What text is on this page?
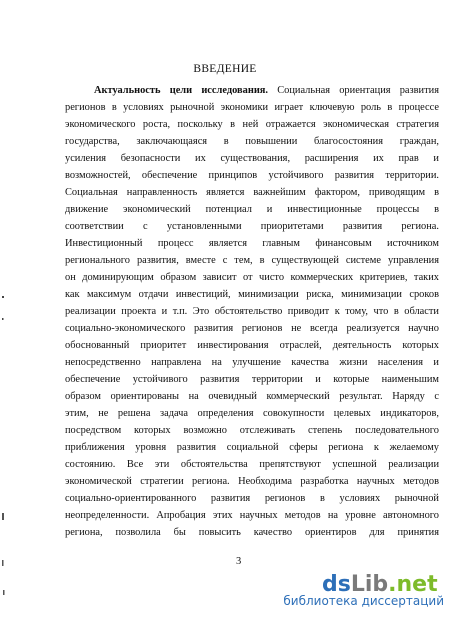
ВВЕДЕНИЕ
Актуальность цели исследования. Социальная ориентация развития
регионов в условиях рыночной экономики играет ключевую роль в процессе
экономического роста, поскольку в ней отражается экономическая стратегия
государства, заключающаяся в повышении благосостояния граждан,
усиления безопасности их существования, расширения их прав и
возможностей, обеспечение принципов устойчивого развития территории.
Социальная направленность является важнейшим фактором, приводящим в
движение экономический потенциал и инвестиционные процессы в
соответствии с установленными приоритетами развития региона.
Инвестиционный процесс является главным финансовым источником
регионального развития, вместе с тем, в существующей системе управления
он доминирующим образом зависит от чисто коммерческих критериев, таких
как максимум отдачи инвестиций, минимизации риска, минимизации сроков
реализации проекта и т.п. Это обстоятельство приводит к тому, что в области
социально-экономического развития регионов не всегда реализуется научно
обоснованный приоритет инвестирования отраслей, деятельность которых
непосредственно направлена на улучшение качества жизни населения и
обеспечение устойчивого развития территории и которые наименьшим
образом ориентированы на очевидный коммерческий результат. Наряду с
этим, не решена задача определения совокупности целевых индикаторов,
посредством которых возможно отслеживать степень последовательного
приближения уровня развития социальной сферы региона к желаемому
состоянию. Все эти обстоятельства препятствуют успешной реализации
экономической стратегии региона. Необходима разработка научных методов
социально-ориентированного развития регионов в условиях рыночной
неопределенности. Апробация этих научных методов на уровне автономного
региона, позволила бы повысить качество ориентиров для принятия
3
dsLib.net
библиотека диссертаций
